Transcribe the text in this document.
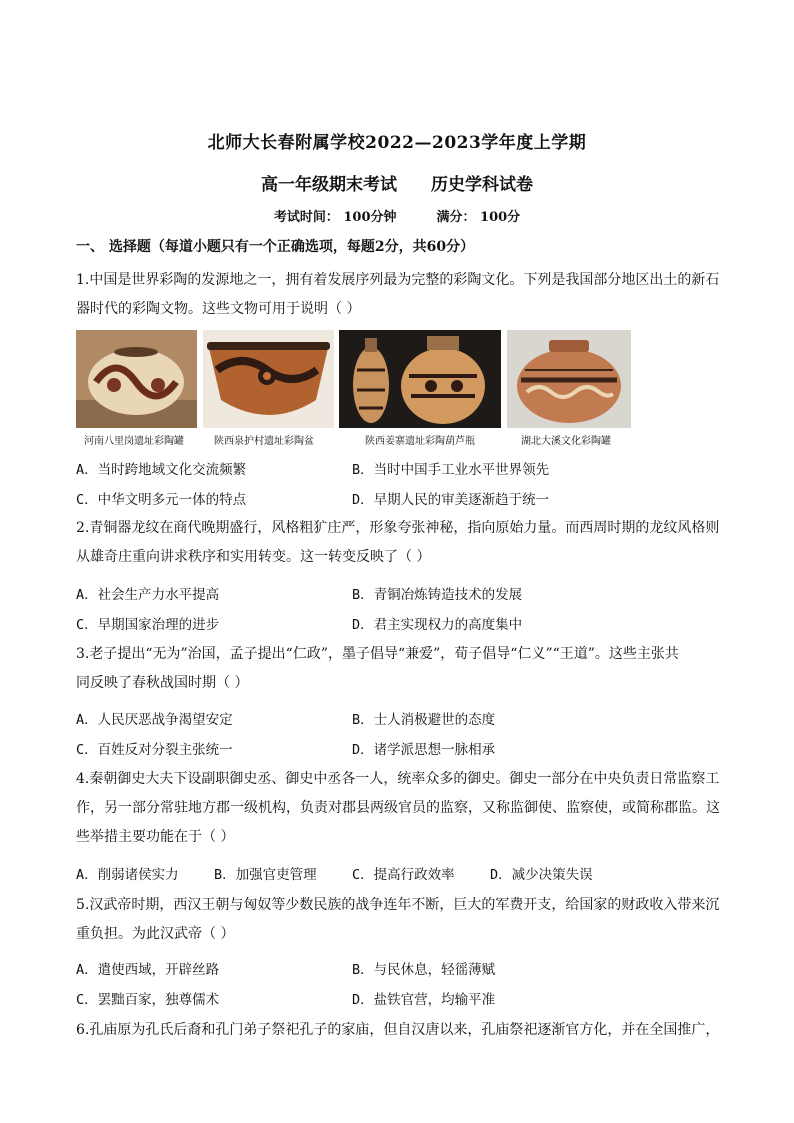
北师大长春附属学校2022—2023学年度上学期
高一年级期末考试 历史学科试卷
考试时间： 100分钟	满分： 100分
一、 选择题（每道小题只有一个正确选项，每题2分，共60分）
1.中国是世界彩陶的发源地之一，拥有着发展序列最为完整的彩陶文化。下列是我国部分地区出土的新石
器时代的彩陶文物。这些文物可用于说明（ ）
河南八里岗遗址彩陶罐	陕西泉护村遗址彩陶盆	陕西姜寨遗址彩陶葫芦瓶	湖北大溪文化彩陶罐
A．当时跨地域文化交流频繁	B．当时中国手工业水平世界领先
C．中华文明多元一体的特点	D．早期人民的审美逐渐趋于统一
2.青铜器龙纹在商代晚期盛行，风格粗犷庄严，形象夸张神秘，指向原始力量。而西周时期的龙纹风格则
从雄奇庄重向讲求秩序和实用转变。这一转变反映了（ ）
A．社会生产力水平提高	B．青铜冶炼铸造技术的发展
C．早期国家治理的进步	D．君主实现权力的高度集中
3.老子提出“无为”治国，孟子提出“仁政”，墨子倡导“兼爱”，荀子倡导“仁义”“王道”。这些主张共
同反映了春秋战国时期（ ）
A．人民厌恶战争渴望安定	B．士人消极避世的态度
C．百姓反对分裂主张统一	D．诸学派思想一脉相承
4.秦朝御史大夫下设副职御史丞、御史中丞各一人，统率众多的御史。御史一部分在中央负责日常监察工
作，另一部分常驻地方郡一级机构，负责对郡县两级官员的监察，又称监御使、监察使，或简称郡监。这
些举措主要功能在于（ ）
A．削弱诸侯实力	B．加强官吏管理	C．提高行政效率	D．减少决策失误
5.汉武帝时期，西汉王朝与匈奴等少数民族的战争连年不断，巨大的军费开支，给国家的财政收入带来沉
重负担。为此汉武帝（ ）
A．遣使西域，开辟丝路	B．与民休息，轻徭薄赋
C．罢黜百家，独尊儒术	D．盐铁官营，均输平准
6.孔庙原为孔氏后裔和孔门弟子祭祀孔子的家庙，但自汉唐以来，孔庙祭祀逐渐官方化，并在全国推广，
